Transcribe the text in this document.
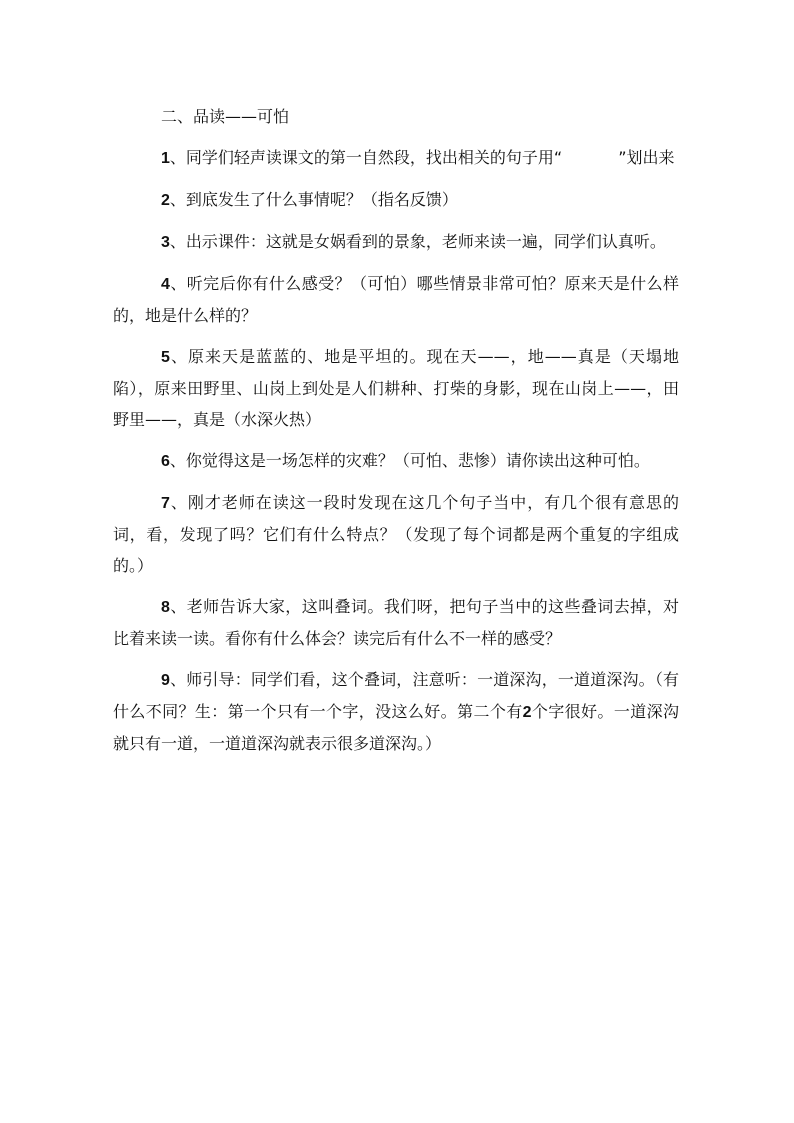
二、品读——可怕

1、同学们轻声读课文的第一自然段，找出相关的句子用“	”划出来

2、到底发生了什么事情呢？（指名反馈）

3、出示课件：这就是女娲看到的景象，老师来读一遍，同学们认真听。

4、听完后你有什么感受？（可怕）哪些情景非常可怕？原来天是什么样的，地是什么样的？

5、原来天是蓝蓝的、地是平坦的。现在天——，地——真是（天塌地陷），原来田野里、山岗上到处是人们耕种、打柴的身影，现在山岗上——，田野里——，真是（水深火热）

6、你觉得这是一场怎样的灾难？（可怕、悲惨）请你读出这种可怕。

7、刚才老师在读这一段时发现在这几个句子当中，有几个很有意思的词，看，发现了吗？它们有什么特点？（发现了每个词都是两个重复的字组成的。）

8、老师告诉大家，这叫叠词。我们呀，把句子当中的这些叠词去掉，对比着来读一读。看你有什么体会？读完后有什么不一样的感受？

9、师引导：同学们看，这个叠词，注意听：一道深沟，一道道深沟。（有什么不同？生：第一个只有一个字，没这么好。第二个有2个字很好。一道深沟就只有一道，一道道深沟就表示很多道深沟。）
